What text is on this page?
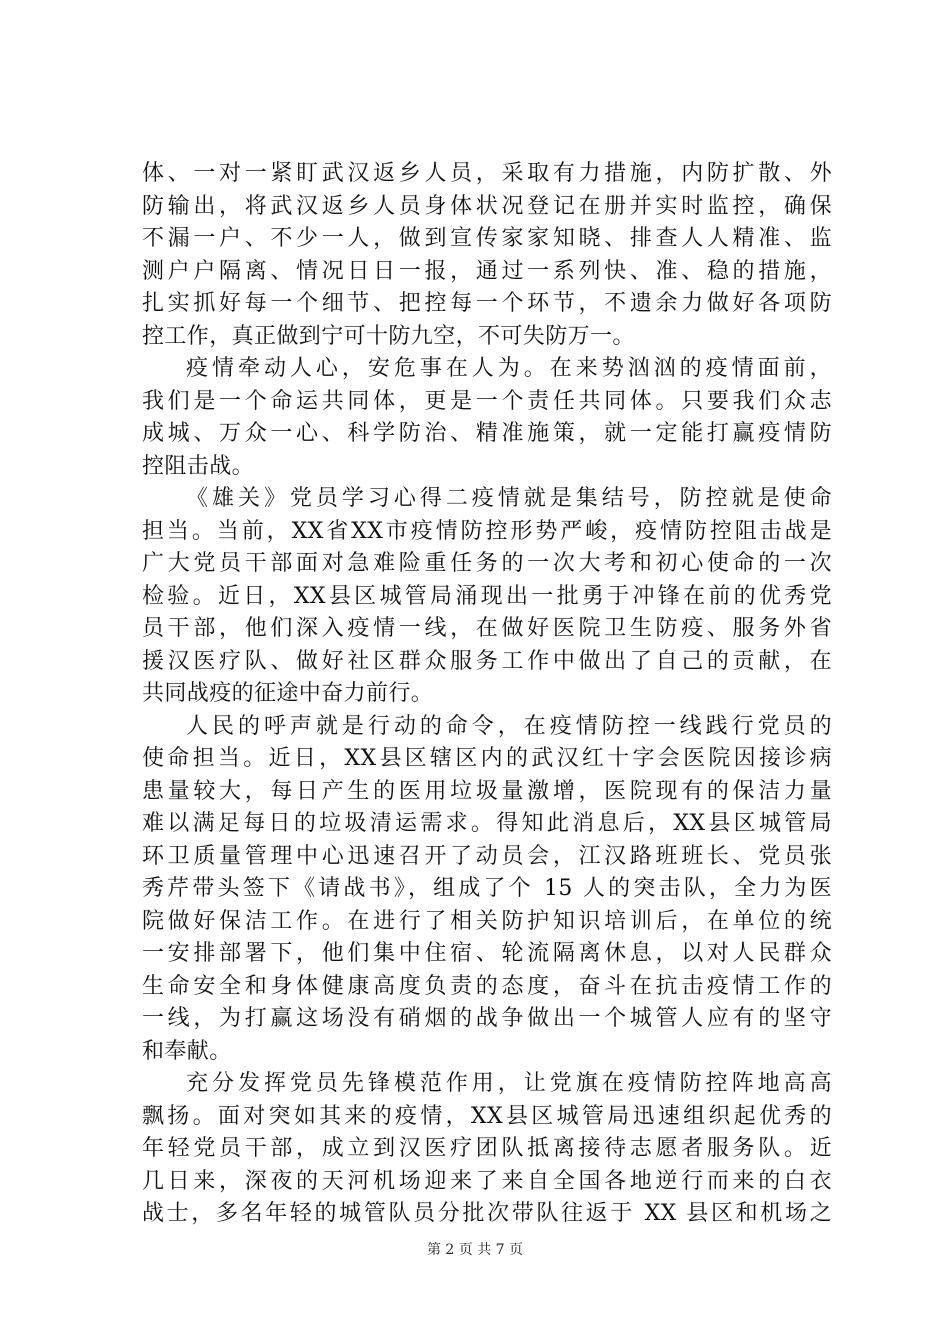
体、一对一紧盯武汉返乡人员，采取有力措施，内防扩散、外
防输出，将武汉返乡人员身体状况登记在册并实时监控，确保
不漏一户、不少一人，做到宣传家家知晓、排查人人精准、监
测户户隔离、情况日日一报，通过一系列快、准、稳的措施，
扎实抓好每一个细节、把控每一个环节，不遗余力做好各项防
控工作，真正做到宁可十防九空，不可失防万一。
疫情牵动人心，安危事在人为。在来势汹汹的疫情面前，
我们是一个命运共同体，更是一个责任共同体。只要我们众志
成城、万众一心、科学防治、精准施策，就一定能打赢疫情防
控阻击战。
《雄关》党员学习心得二疫情就是集结号，防控就是使命
担当。当前，XX省XX市疫情防控形势严峻，疫情防控阻击战是
广大党员干部面对急难险重任务的一次大考和初心使命的一次
检验。近日，XX县区城管局涌现出一批勇于冲锋在前的优秀党
员干部，他们深入疫情一线，在做好医院卫生防疫、服务外省
援汉医疗队、做好社区群众服务工作中做出了自己的贡献，在
共同战疫的征途中奋力前行。
人民的呼声就是行动的命令，在疫情防控一线践行党员的
使命担当。近日，XX县区辖区内的武汉红十字会医院因接诊病
患量较大，每日产生的医用垃圾量激增，医院现有的保洁力量
难以满足每日的垃圾清运需求。得知此消息后，XX县区城管局
环卫质量管理中心迅速召开了动员会，江汉路班班长、党员张
秀芹带头签下《请战书》，组成了个 15 人的突击队，全力为医
院做好保洁工作。在进行了相关防护知识培训后，在单位的统
一安排部署下，他们集中住宿、轮流隔离休息，以对人民群众
生命安全和身体健康高度负责的态度，奋斗在抗击疫情工作的
一线，为打赢这场没有硝烟的战争做出一个城管人应有的坚守
和奉献。
充分发挥党员先锋模范作用，让党旗在疫情防控阵地高高
飘扬。面对突如其来的疫情，XX县区城管局迅速组织起优秀的
年轻党员干部，成立到汉医疗团队抵离接待志愿者服务队。近
几日来，深夜的天河机场迎来了来自全国各地逆行而来的白衣
战士，多名年轻的城管队员分批次带队往返于 XX 县区和机场之
第 2 页 共 7 页
